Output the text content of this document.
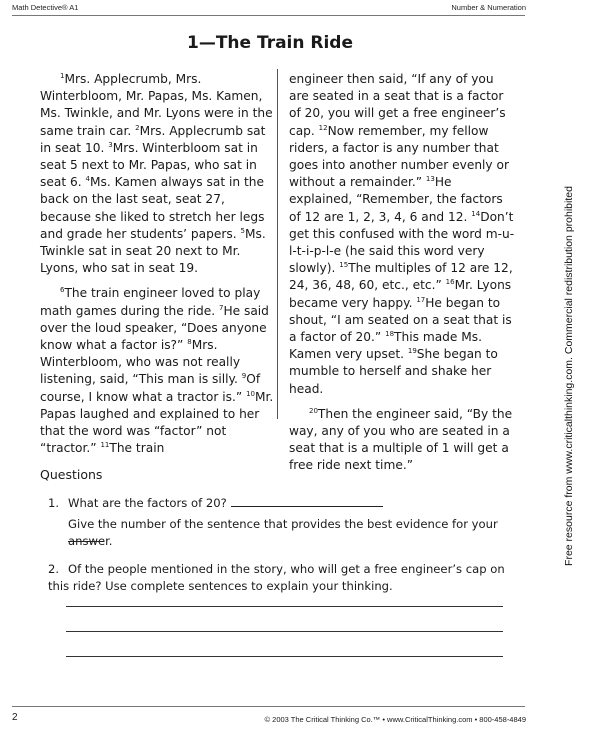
Math Detective® A1	Number & Numeration
1—The Train Ride

$^1$Mrs. Applecrumb, Mrs. Winterbloom, Mr. Papas, Ms. Kamen, Ms. Twinkle, and Mr. Lyons were in the same train car. $^2$Mrs. Applecrumb sat in seat 10. $^3$Mrs. Winterbloom sat in seat 5 next to Mr. Papas, who sat in seat 6. $^4$Ms. Kamen always sat in the back on the last seat, seat 27, because she liked to stretch her legs and grade her students’ papers. $^5$Ms. Twinkle sat in seat 20 next to Mr. Lyons, who sat in seat 19.

$^6$The train engineer loved to play math games during the ride. $^7$He said over the loud speaker, “Does anyone know what a factor is?” $^8$Mrs. Winterbloom, who was not really listening, said, “This man is silly. $^9$Of course, I know what a tractor is.” $^{10}$Mr. Papas laughed and explained to her that the word was “factor” not “tractor.” $^{11}$The train

engineer then said, “If any of you are seated in a seat that is a factor of 20, you will get a free engineer’s cap. $^{12}$Now remember, my fellow riders, a factor is any number that goes into another number evenly or without a remainder.” $^{13}$He explained, “Remember, the factors of 12 are 1, 2, 3, 4, 6 and 12. $^{14}$Don’t get this confused with the word m-u-l-t-i-p-l-e (he said this word very slowly). $^{15}$The multiples of 12 are 12, 24, 36, 48, 60, etc., etc.” $^{16}$Mr. Lyons became very happy. $^{17}$He began to shout, “I am seated on a seat that is a factor of 20.” $^{18}$This made Ms. Kamen very upset. $^{19}$She began to mumble to herself and shake her head.

$^{20}$Then the engineer said, “By the way, any of you who are seated in a seat that is a multiple of 1 will get a free ride next time.”

Questions
1. What are the factors of 20?
Give the number of the sentence that provides the best evidence for your answer.
2. Of the people mentioned in the story, who will get a free engineer’s cap on this ride? Use complete sentences to explain your thinking.
Free resource from www.criticalthinking.com. Commercial redistribution prohibited
2	© 2003 The Critical Thinking Co.™ • www.CriticalThinking.com • 800-458-4849
